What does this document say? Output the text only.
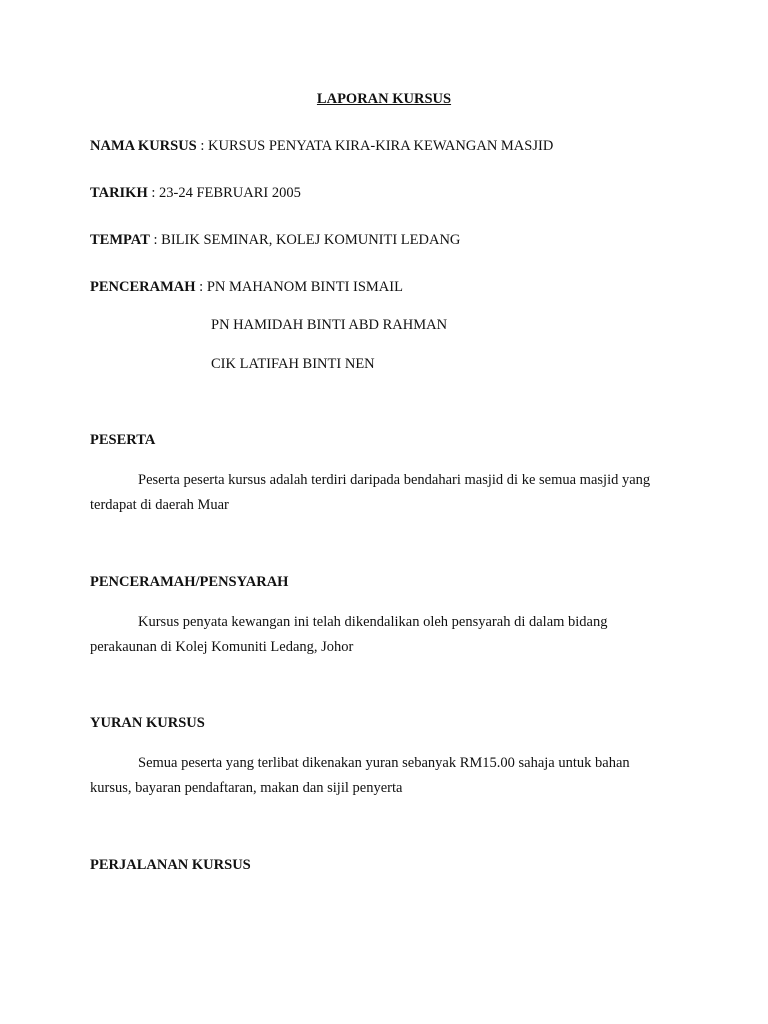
LAPORAN KURSUS
NAMA KURSUS : KURSUS PENYATA KIRA-KIRA KEWANGAN MASJID
TARIKH : 23-24 FEBRUARI 2005
TEMPAT : BILIK SEMINAR, KOLEJ KOMUNITI LEDANG
PENCERAMAH : PN MAHANOM BINTI ISMAIL
PN HAMIDAH BINTI ABD RAHMAN
CIK LATIFAH BINTI NEN
PESERTA
Peserta peserta kursus adalah terdiri daripada bendahari masjid di ke semua masjid yang
terdapat di daerah Muar
PENCERAMAH/PENSYARAH
Kursus penyata kewangan ini telah dikendalikan oleh pensyarah di dalam bidang
perakaunan di Kolej Komuniti Ledang, Johor
YURAN KURSUS
Semua peserta yang terlibat dikenakan yuran sebanyak RM15.00 sahaja untuk bahan
kursus, bayaran pendaftaran, makan dan sijil penyerta
PERJALANAN KURSUS
